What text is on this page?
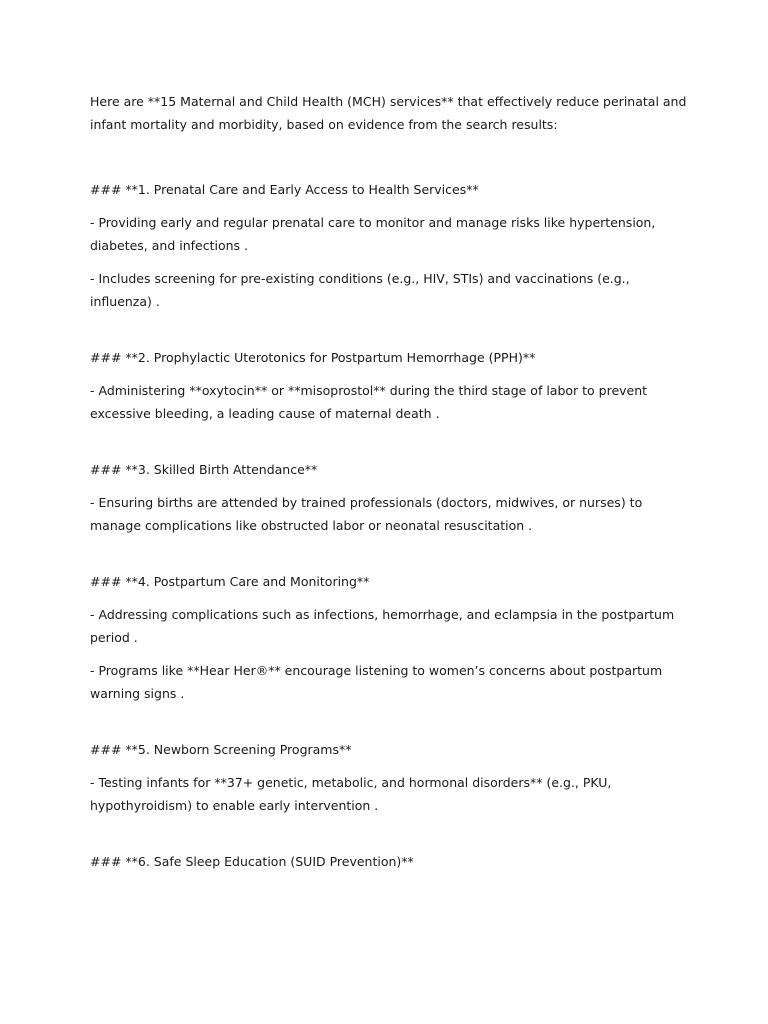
Here are **15 Maternal and Child Health (MCH) services** that effectively reduce perinatal and infant mortality and morbidity, based on evidence from the search results:

### **1. Prenatal Care and Early Access to Health Services**

- Providing early and regular prenatal care to monitor and manage risks like hypertension, diabetes, and infections .

- Includes screening for pre-existing conditions (e.g., HIV, STIs) and vaccinations (e.g., influenza) .

### **2. Prophylactic Uterotonics for Postpartum Hemorrhage (PPH)**

- Administering **oxytocin** or **misoprostol** during the third stage of labor to prevent excessive bleeding, a leading cause of maternal death .

### **3. Skilled Birth Attendance**

- Ensuring births are attended by trained professionals (doctors, midwives, or nurses) to manage complications like obstructed labor or neonatal resuscitation .

### **4. Postpartum Care and Monitoring**

- Addressing complications such as infections, hemorrhage, and eclampsia in the postpartum period .

- Programs like **Hear Her®** encourage listening to women’s concerns about postpartum warning signs .

### **5. Newborn Screening Programs**

- Testing infants for **37+ genetic, metabolic, and hormonal disorders** (e.g., PKU, hypothyroidism) to enable early intervention .

### **6. Safe Sleep Education (SUID Prevention)**
